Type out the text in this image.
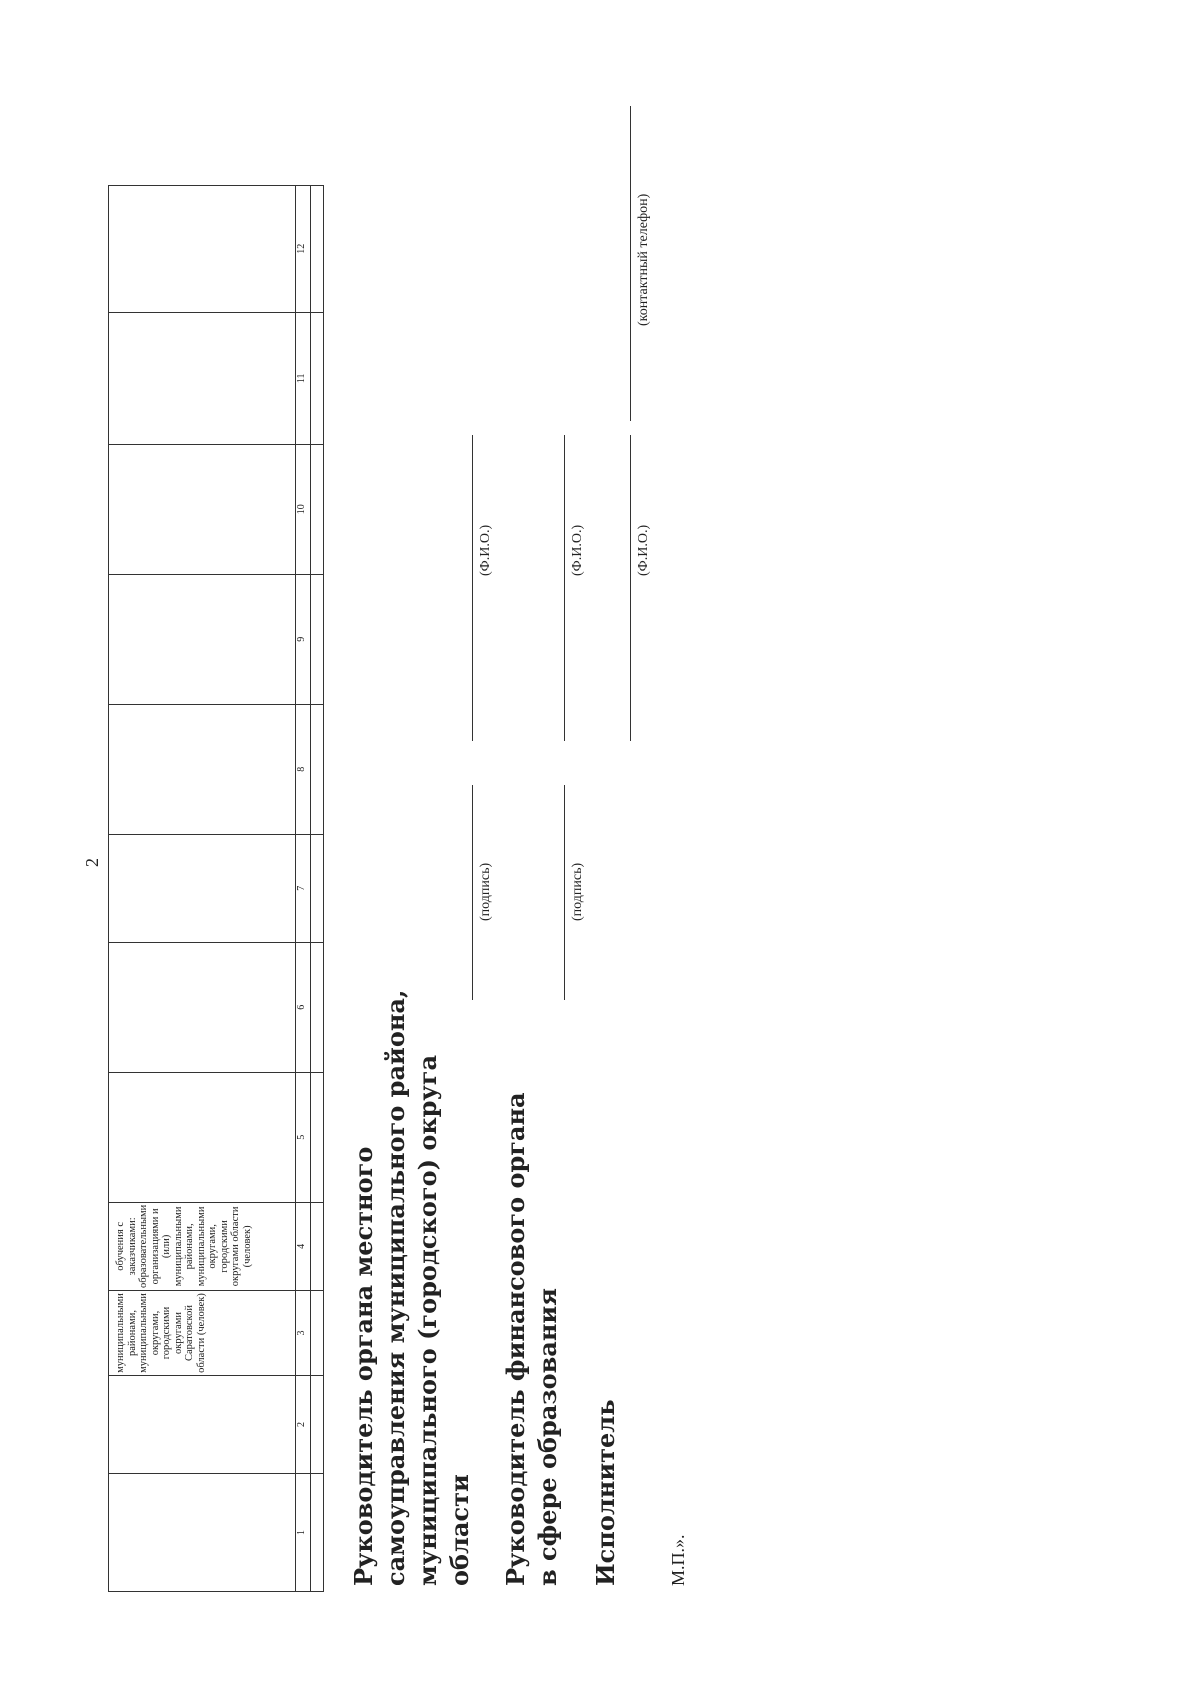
2

		муниципальными районами, муниципальными округами, городскими округами Саратовской области (человек)	обучения с заказчиками: образовательными организациями и (или) муниципальными районами, муниципальными округами, городскими округами области (человек)								

1	2	3	4	5	6	7	8	9	10	11	12

Руководитель органа местного самоуправления муниципального района, муниципального (городского) округа области
(подпись)
(Ф.И.О.)
Руководитель финансового органа в сфере образования
(подпись)
(Ф.И.О.)
Исполнитель
(Ф.И.О.)
(контактный телефон)
М.П.».
